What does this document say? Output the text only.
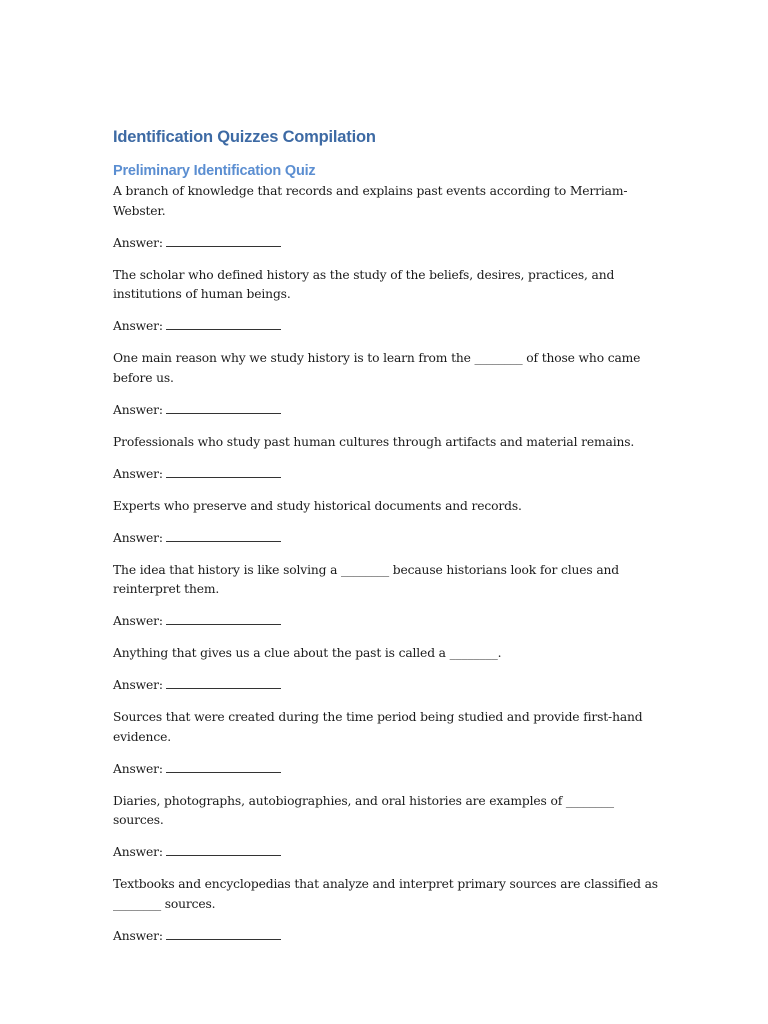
Identification Quizzes Compilation
Preliminary Identification Quiz

A branch of knowledge that records and explains past events according to Merriam-Webster.

Answer:

The scholar who defined history as the study of the beliefs, desires, practices, and institutions of human beings.

Answer:

One main reason why we study history is to learn from the ________ of those who came before us.

Answer:

Professionals who study past human cultures through artifacts and material remains.

Answer:

Experts who preserve and study historical documents and records.

Answer:

The idea that history is like solving a ________ because historians look for clues and reinterpret them.

Answer:

Anything that gives us a clue about the past is called a ________.

Answer:

Sources that were created during the time period being studied and provide first-hand evidence.

Answer:

Diaries, photographs, autobiographies, and oral histories are examples of ________ sources.

Answer:

Textbooks and encyclopedias that analyze and interpret primary sources are classified as ________ sources.

Answer:
